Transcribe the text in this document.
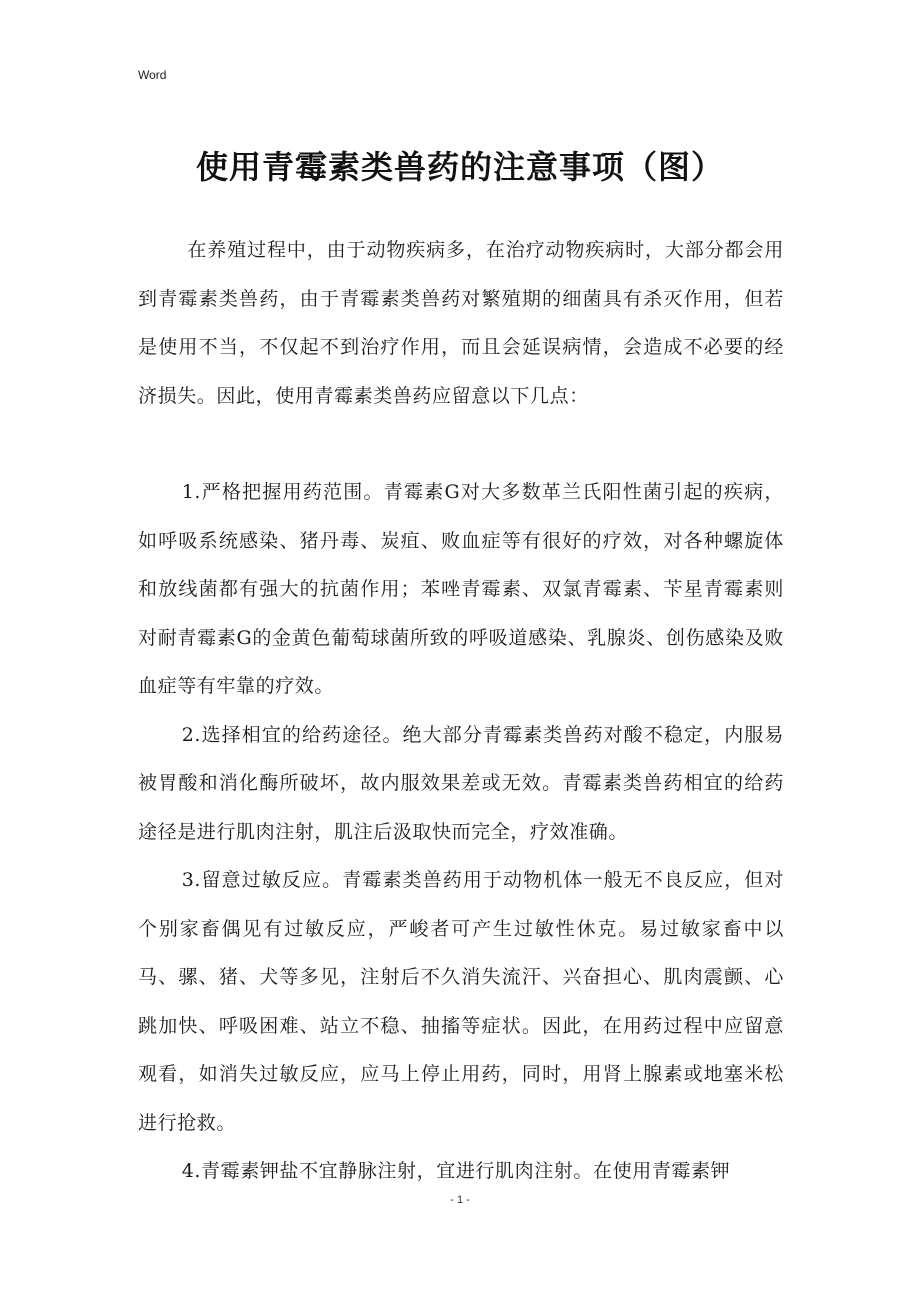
Word
使用青霉素类兽药的注意事项（图）

在养殖过程中，由于动物疾病多，在治疗动物疾病时，大部分都会用到青霉素类兽药，由于青霉素类兽药对繁殖期的细菌具有杀灭作用，但若是使用不当，不仅起不到治疗作用，而且会延误病情，会造成不必要的经济损失。因此，使用青霉素类兽药应留意以下几点：

1.严格把握用药范围。青霉素G对大多数革兰氏阳性菌引起的疾病，如呼吸系统感染、猪丹毒、炭疽、败血症等有很好的疗效，对各种螺旋体和放线菌都有强大的抗菌作用；苯唑青霉素、双氯青霉素、苄星青霉素则对耐青霉素G的金黄色葡萄球菌所致的呼吸道感染、乳腺炎、创伤感染及败血症等有牢靠的疗效。

2.选择相宜的给药途径。绝大部分青霉素类兽药对酸不稳定，内服易被胃酸和消化酶所破坏，故内服效果差或无效。青霉素类兽药相宜的给药途径是进行肌肉注射，肌注后汲取快而完全，疗效准确。

3.留意过敏反应。青霉素类兽药用于动物机体一般无不良反应，但对个别家畜偶见有过敏反应，严峻者可产生过敏性休克。易过敏家畜中以马、骡、猪、犬等多见，注射后不久消失流汗、兴奋担心、肌肉震颤、心跳加快、呼吸困难、站立不稳、抽搐等症状。因此，在用药过程中应留意观看，如消失过敏反应，应马上停止用药，同时，用肾上腺素或地塞米松进行抢救。

4.青霉素钾盐不宜静脉注射，宜进行肌肉注射。在使用青霉素钾

- 1 -
